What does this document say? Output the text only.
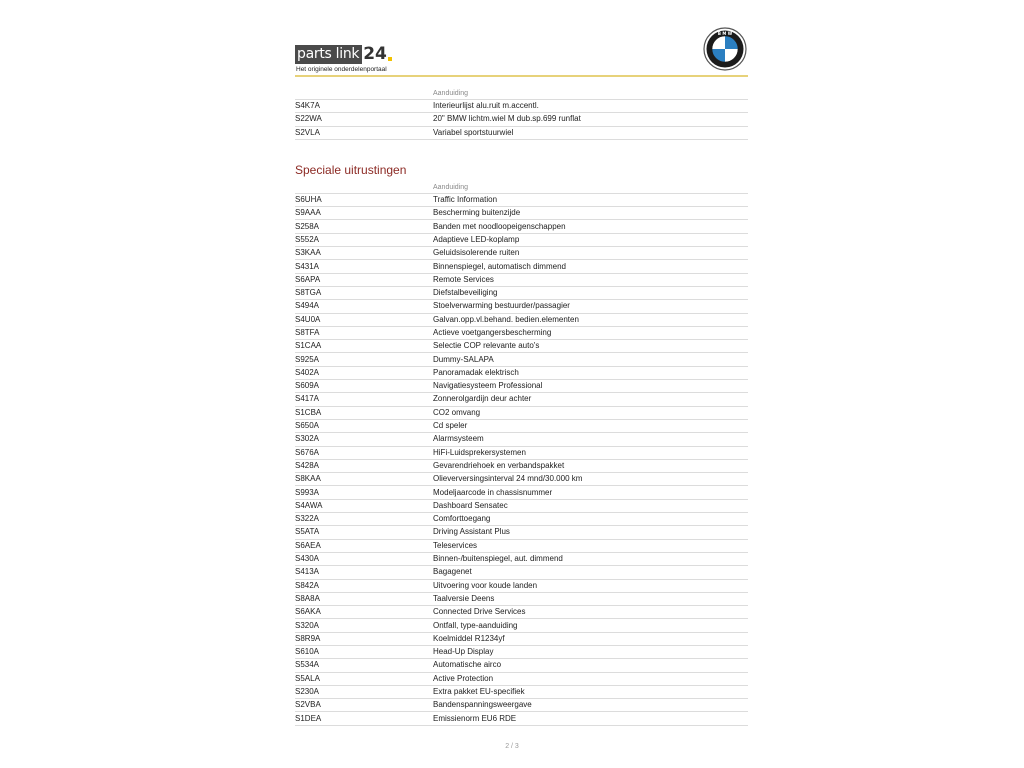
parts link 24
Het originele onderdelenportaal
B M W
	Aanduiding
S4K7A	Interieurlijst alu.ruit m.accentl.
S22WA	20" BMW lichtm.wiel M dub.sp.699 runflat
S2VLA	Variabel sportstuurwiel
Speciale uitrustingen
	Aanduiding
S6UHA	Traffic Information
S9AAA	Bescherming buitenzijde
S258A	Banden met noodloopeigenschappen
S552A	Adaptieve LED-koplamp
S3KAA	Geluidsisolerende ruiten
S431A	Binnenspiegel, automatisch dimmend
S6APA	Remote Services
S8TGA	Diefstalbeveiliging
S494A	Stoelverwarming bestuurder/passagier
S4U0A	Galvan.opp.vl.behand. bedien.elementen
S8TFA	Actieve voetgangersbescherming
S1CAA	Selectie COP relevante auto's
S925A	Dummy-SALAPA
S402A	Panoramadak elektrisch
S609A	Navigatiesysteem Professional
S417A	Zonnerolgardijn deur achter
S1CBA	CO2 omvang
S650A	Cd speler
S302A	Alarmsysteem
S676A	HiFi-Luidsprekersystemen
S428A	Gevarendriehoek en verbandspakket
S8KAA	Olieverversingsinterval 24 mnd/30.000 km
S993A	Modeljaarcode in chassisnummer
S4AWA	Dashboard Sensatec
S322A	Comforttoegang
S5ATA	Driving Assistant Plus
S6AEA	Teleservices
S430A	Binnen-/buitenspiegel, aut. dimmend
S413A	Bagagenet
S842A	Uitvoering voor koude landen
S8A8A	Taalversie Deens
S6AKA	Connected Drive Services
S320A	Ontfall, type-aanduiding
S8R9A	Koelmiddel R1234yf
S610A	Head-Up Display
S534A	Automatische airco
S5ALA	Active Protection
S230A	Extra pakket EU-specifiek
S2VBA	Bandenspanningsweergave
S1DEA	Emissienorm EU6 RDE
2 / 3
